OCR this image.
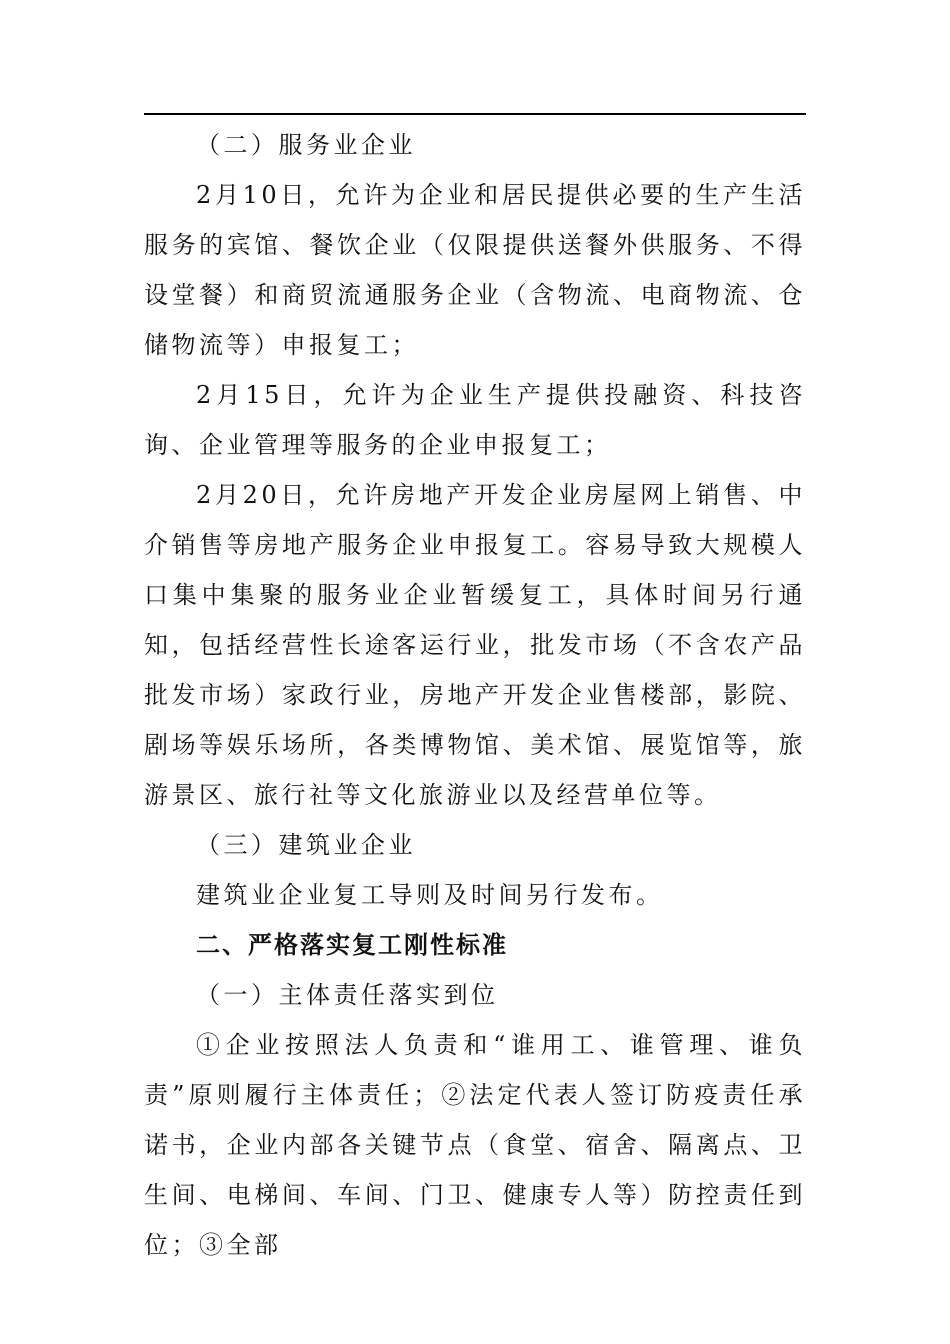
（二）服务业企业

2月10日，允许为企业和居民提供必要的生产生活服务的宾馆、餐饮企业（仅限提供送餐外供服务、不得设堂餐）和商贸流通服务企业（含物流、电商物流、仓储物流等）申报复工；

2月15日，允许为企业生产提供投融资、科技咨询、企业管理等服务的企业申报复工；

2月20日，允许房地产开发企业房屋网上销售、中介销售等房地产服务企业申报复工。容易导致大规模人口集中集聚的服务业企业暂缓复工，具体时间另行通知，包括经营性长途客运行业，批发市场（不含农产品批发市场）家政行业，房地产开发企业售楼部，影院、剧场等娱乐场所，各类博物馆、美术馆、展览馆等，旅游景区、旅行社等文化旅游业以及经营单位等。

（三）建筑业企业

建筑业企业复工导则及时间另行发布。

二、严格落实复工刚性标准

（一）主体责任落实到位

①企业按照法人负责和“谁用工、谁管理、谁负责”原则履行主体责任；②法定代表人签订防疫责任承诺书，企业内部各关键节点（食堂、宿舍、隔离点、卫生间、电梯间、车间、门卫、健康专人等）防控责任到位；③全部
